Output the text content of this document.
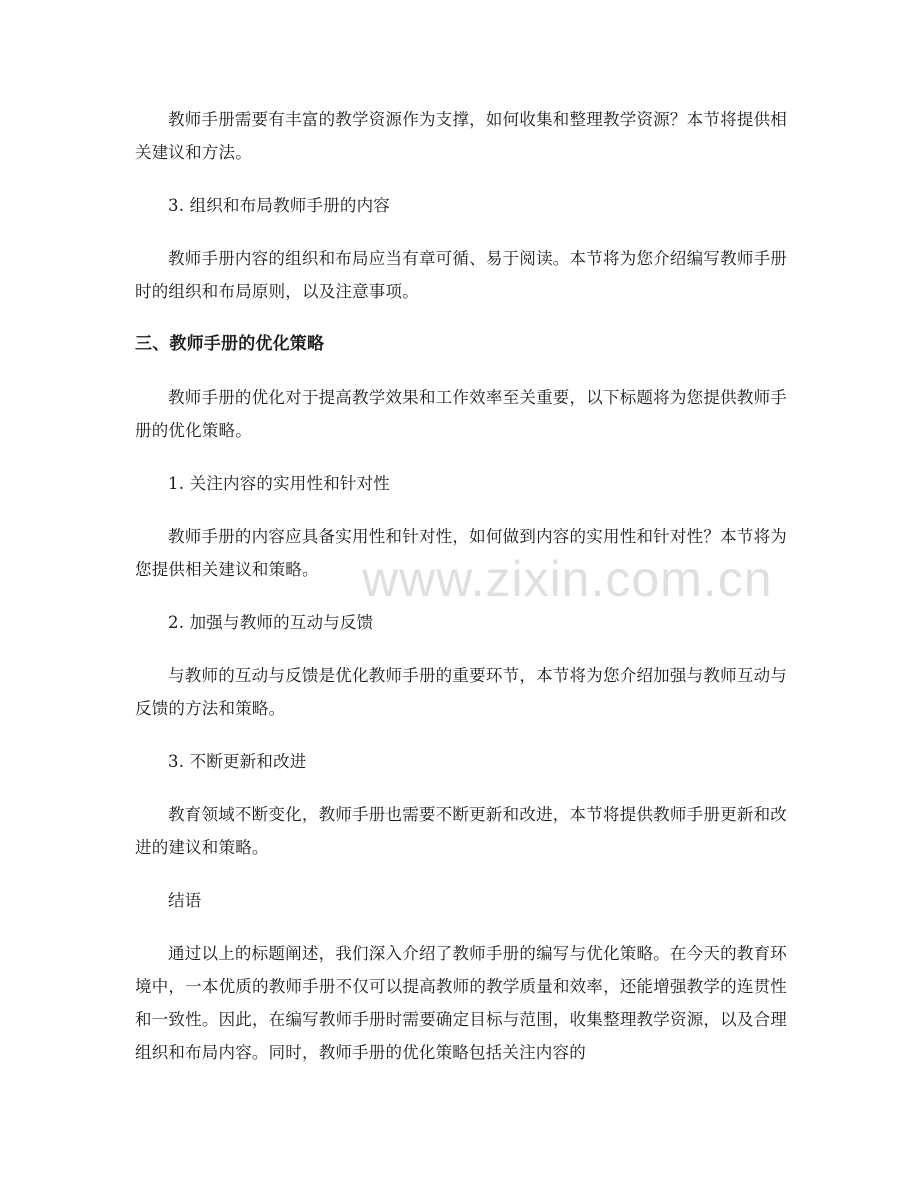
教师手册需要有丰富的教学资源作为支撑，如何收集和整理教学资源？本节将提供相关建议和方法。

3. 组织和布局教师手册的内容

教师手册内容的组织和布局应当有章可循、易于阅读。本节将为您介绍编写教师手册时的组织和布局原则，以及注意事项。

三、教师手册的优化策略

教师手册的优化对于提高教学效果和工作效率至关重要，以下标题将为您提供教师手册的优化策略。

1. 关注内容的实用性和针对性

教师手册的内容应具备实用性和针对性，如何做到内容的实用性和针对性？本节将为您提供相关建议和策略。

2. 加强与教师的互动与反馈

与教师的互动与反馈是优化教师手册的重要环节，本节将为您介绍加强与教师互动与反馈的方法和策略。

3. 不断更新和改进

教育领域不断变化，教师手册也需要不断更新和改进，本节将提供教师手册更新和改进的建议和策略。

结语

通过以上的标题阐述，我们深入介绍了教师手册的编写与优化策略。在今天的教育环境中，一本优质的教师手册不仅可以提高教师的教学质量和效率，还能增强教学的连贯性和一致性。因此，在编写教师手册时需要确定目标与范围，收集整理教学资源，以及合理组织和布局内容。同时，教师手册的优化策略包括关注内容的

www.zixin.com.cn
